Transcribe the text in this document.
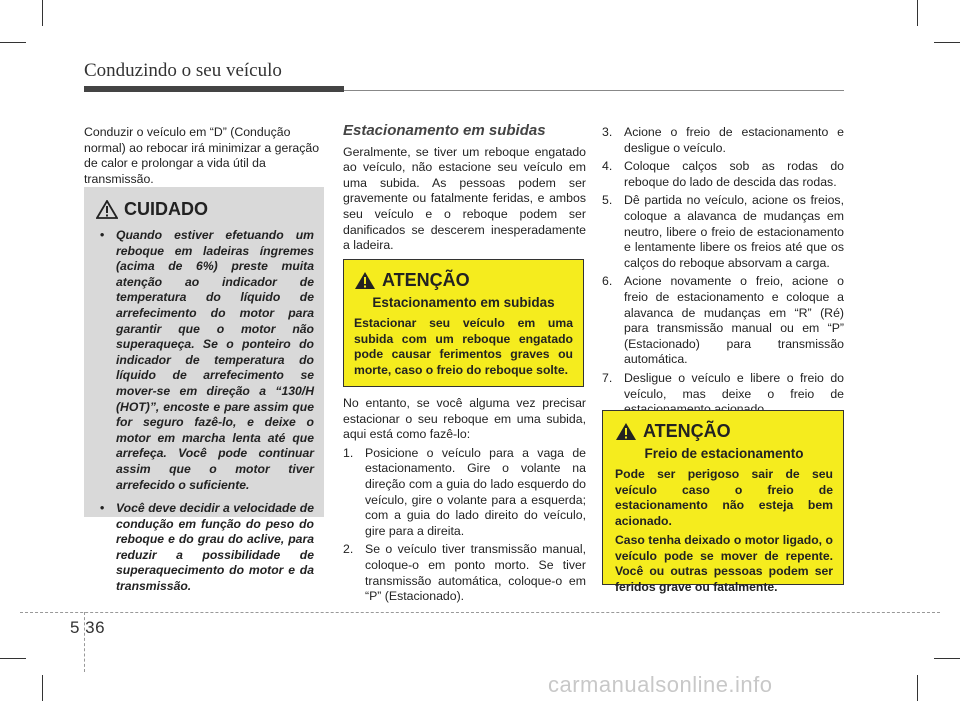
Conduzindo o seu veículo

Conduzir o veículo em “D” (Condução normal) ao rebocar irá minimizar a geração de calor e prolongar a vida útil da transmissão.

CUIDADO
• Quando estiver efetuando um reboque em ladeiras íngremes (acima de 6%) preste muita atenção ao indicador de temperatura do líquido de arrefecimento do motor para garantir que o motor não superaqueça. Se o ponteiro do indicador de temperatura do líquido de arrefecimento se mover-se em direção a “130/H (HOT)”, encoste e pare assim que for seguro fazê-lo, e deixe o motor em marcha lenta até que arrefeça. Você pode continuar assim que o motor tiver arrefecido o suficiente.
• Você deve decidir a velocidade de condução em função do peso do reboque e do grau do aclive, para reduzir a possibilidade de superaquecimento do motor e da transmissão.
Estacionamento em subidas

Geralmente, se tiver um reboque engatado ao veículo, não estacione seu veículo em uma subida. As pessoas podem ser gravemente ou fatalmente feridas, e ambos seu veículo e o reboque podem ser danificados se descerem inesperadamente a ladeira.

ATENÇÃO
Estacionamento em subidas

Estacionar seu veículo em uma subida com um reboque engatado pode causar ferimentos graves ou morte, caso o freio do reboque solte.

No entanto, se você alguma vez precisar estacionar o seu reboque em uma subida, aqui está como fazê-lo:

1. Posicione o veículo para a vaga de estacionamento. Gire o volante na direção com a guia do lado esquerdo do veículo, gire o volante para a esquerda; com a guia do lado direito do veículo, gire para a direita.
2. Se o veículo tiver transmissão manual, coloque-o em ponto morto. Se tiver transmissão automática, coloque-o em “P” (Estacionado).
3. Acione o freio de estacionamento e desligue o veículo.
4. Coloque calços sob as rodas do reboque do lado de descida das rodas.
5. Dê partida no veículo, acione os freios, coloque a alavanca de mudanças em neutro, libere o freio de estacionamento e lentamente libere os freios até que os calços do reboque absorvam a carga.
6. Acione novamente o freio, acione o freio de estacionamento e coloque a alavanca de mudanças em “R” (Ré) para transmissão manual ou em “P” (Estacionado) para transmissão automática.
7. Desligue o veículo e libere o freio do veículo, mas deixe o freio de
ATENÇÃO
Freio de estacionamento

Pode ser perigoso sair de seu veículo caso o freio de estacionamento não esteja bem acionado.

Caso tenha deixado o motor ligado, o veículo pode se mover de repente. Você ou outras pessoas podem ser feridos grave ou fatalmente.

5 36
carmanualsonline.info
